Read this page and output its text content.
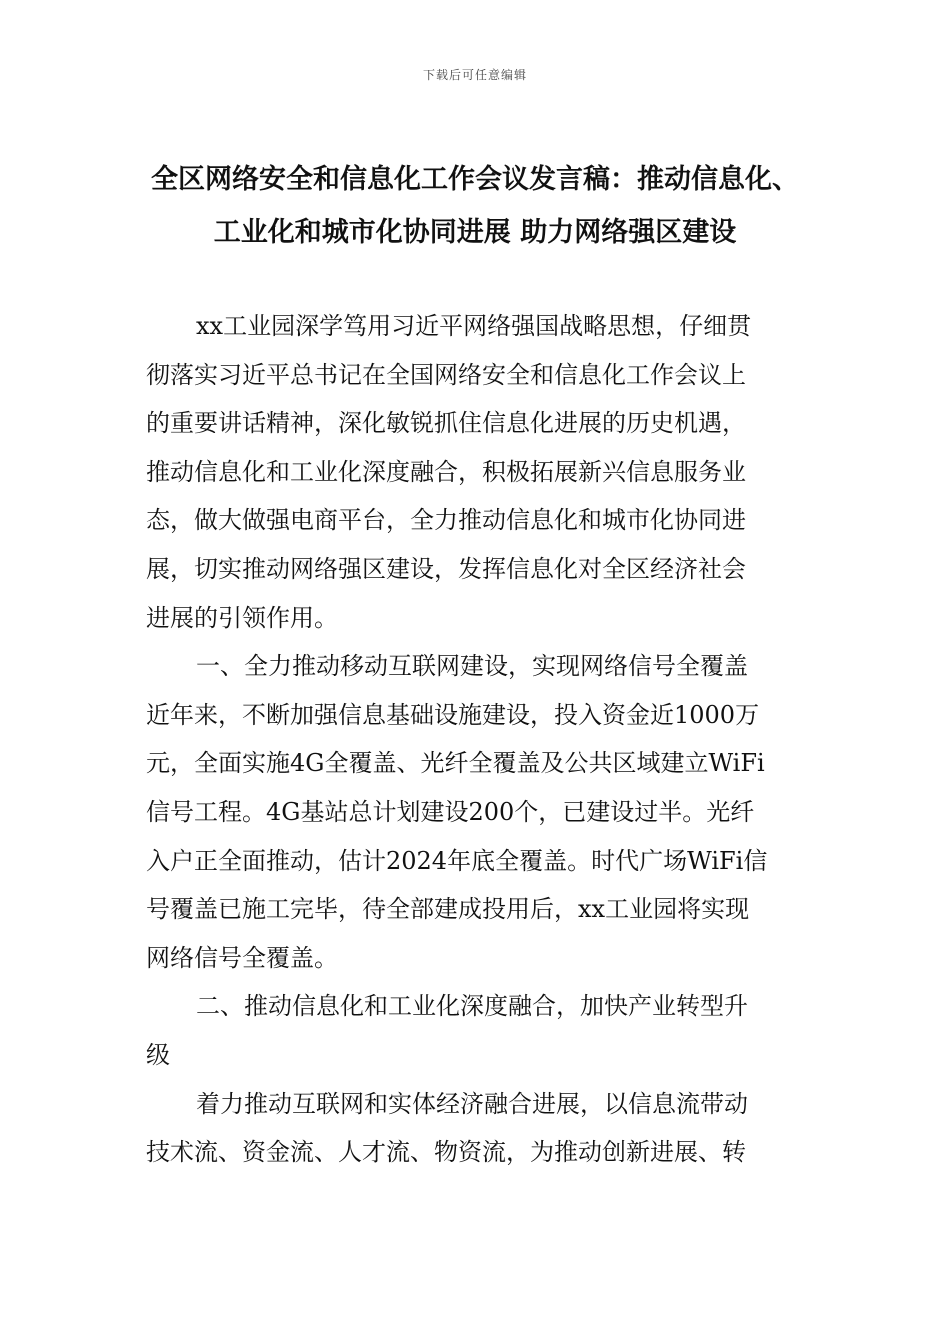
下载后可任意编辑
全区网络安全和信息化工作会议发言稿：推动信息化、
工业化和城市化协同进展 助力网络强区建设

xx工业园深学笃用习近平网络强国战略思想，仔细贯
彻落实习近平总书记在全国网络安全和信息化工作会议上
的重要讲话精神，深化敏锐抓住信息化进展的历史机遇，
推动信息化和工业化深度融合，积极拓展新兴信息服务业
态，做大做强电商平台，全力推动信息化和城市化协同进
展，切实推动网络强区建设，发挥信息化对全区经济社会
进展的引领作用。

一、全力推动移动互联网建设，实现网络信号全覆盖

近年来，不断加强信息基础设施建设，投入资金近1000万
元，全面实施4G全覆盖、光纤全覆盖及公共区域建立WiFi
信号工程。4G基站总计划建设200个，已建设过半。光纤
入户正全面推动，估计2024年底全覆盖。时代广场WiFi信
号覆盖已施工完毕，待全部建成投用后，xx工业园将实现
网络信号全覆盖。

二、推动信息化和工业化深度融合，加快产业转型升
级

着力推动互联网和实体经济融合进展，以信息流带动
技术流、资金流、人才流、物资流，为推动创新进展、转
